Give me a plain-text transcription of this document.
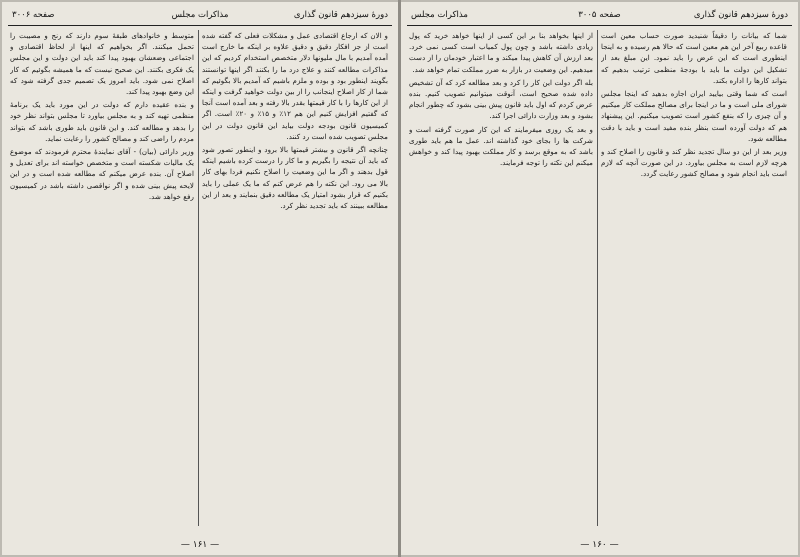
دورهٔ سیزدهم قانون گذاری
مذاکرات مجلس
صفحه ۳۰۰۶

و الان که ارجاع اقتصادی عمل و مشکلات فعلی که گفته شده است از جز افکار دقیق و دقیق علاوه بر اینکه ما خارج است آمده آمدیم با مال ملیونها دلار متخصص استخدام کردیم که این مذاکرات مطالعه کنند و علاج درد ما را بکنند اگر اینها توانستند بگویند اینطور بود و بوده و ملزم باشیم که آمدیم بالا بگوئیم که شما از کار اصلاح اینجانب را از بین دولت خواهید گرفت و اینکه از این کارها را با کار قیمتها بقدر بالا رفته و بعد آمده است آنجا که گفتیم افزایش کنیم این هم ۱۲٪ و ۱۵٪ و ۲۰٪ است. اگر کمیسیون قانون بودجه دولت بیاید این قانون دولت در این مجلس تصویب شده است رد کنند.

چنانچه اگر قانون و بیشتر قیمتها بالا برود و اینطور تصور شود که باید آن نتیجه را بگیریم و ما کار را درست کرده باشیم اینکه قول بدهند و اگر ما این وضعیت را اصلاح نکنیم فردا بهای کار بالا می رود. این نکته را هم عرض کنم که ما یک عملی را باید بکنیم که قرار بشود امتیاز یک مطالعه دقیق بنمایند و بعد از این مطالعه ببینند که باید تجدید نظر کرد.

متوسط و خانوادهای طبقهٔ سوم دارند که رنج و مصیبت را تحمل میکنند. اگر بخواهیم که اینها از لحاظ اقتصادی و اجتماعی وضعشان بهبود پیدا کند باید این دولت و این مجلس یک فکری بکنند. این صحیح نیست که ما همیشه بگوئیم که کار اصلاح نمی شود. باید امروز یک تصمیم جدی گرفته شود که این وضع بهبود پیدا کند.

و بنده عقیده دارم که دولت در این مورد باید یک برنامهٔ منظمی تهیه کند و به مجلس بیاورد تا مجلس بتواند نظر خود را بدهد و مطالعه کند. و این قانون باید طوری باشد که بتواند مردم را راضی کند و مصالح کشور را رعایت نماید.

وزیر دارائی (بیان) - آقای نمایندهٔ محترم فرمودند که موضوع یک مالیات شکسته است و متخصص خواسته اند برای تعدیل و اصلاح آن. بنده عرض میکنم که مطالعه شده است و در این لایحه پیش بینی شده و اگر نواقصی داشته باشد در کمیسیون رفع خواهد شد.

— ۱۶۱ —
دورهٔ سیزدهم قانون گذاری
صفحه ۳۰۰۵
مذاکرات مجلس

شما که بیانات را دقیقاً شنیدید صورت حساب معین است قاعده ربیع آخر این هم معین است که حالا هم رسیده و به اینجا اینطوری است که این عرض را باید نمود. این مبلغ بعد از تشکیل این دولت ما باید با بودجهٔ منظمی ترتیب بدهیم که بتواند کارها را اداره بکند.

است که شما وقتی بیایید ایران اجازه بدهید که اینجا مجلس شورای ملی است و ما در اینجا برای مصالح مملکت کار میکنیم و آن چیزی را که بنفع کشور است تصویب میکنیم. این پیشنهاد هم که دولت آورده است بنظر بنده مفید است و باید با دقت مطالعه شود.

وزیر بعد از این دو سال تجدید نظر کند و قانون را اصلاح کند و هرچه لازم است به مجلس بیاورد. در این صورت آنچه که لازم است باید انجام شود و مصالح کشور رعایت گردد.

از اینها بخواهد بنا بر این کسی از اینها خواهد خرید که پول زیادی داشته باشد و چون پول کمیاب است کسی نمی خرد. بعد ارزش آن کاهش پیدا میکند و ما اعتبار خودمان را از دست میدهیم. این وضعیت در بازار به ضرر مملکت تمام خواهد شد.

بله اگر دولت این کار را کرد و بعد مطالعه کرد که آن تشخیص داده شده صحیح است، آنوقت میتوانیم تصویب کنیم. بنده عرض کردم که اول باید قانون پیش بینی بشود که چطور انجام بشود و بعد وزارت دارائی اجرا کند.

و بعد یک روزی میفرمایند که این کار صورت گرفته است و شرکت ها را بجای خود گذاشته اند. عمل ما هم باید طوری باشد که به موقع برسد و کار مملکت بهبود پیدا کند و خواهش میکنم این نکته را توجه فرمایند.

— ۱۶۰ —
